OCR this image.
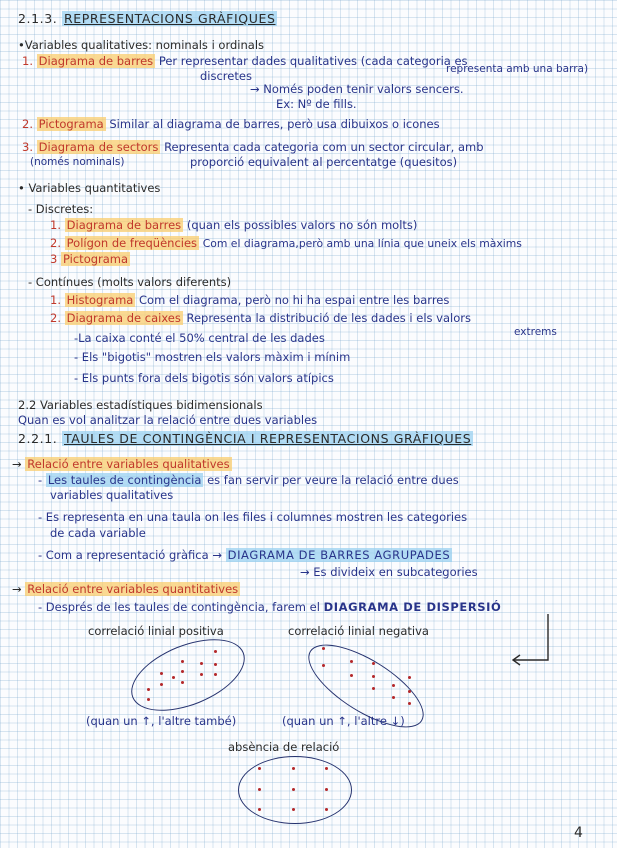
2.1.3. REPRESENTACIONS GRÀFIQUES
•Variables qualitatives: nominals i ordinals
1. Diagrama de barres Per representar dades qualitatives (cada categoria es
representa amb una barra)
discretes
→ Només poden tenir valors sencers.
Ex: Nº de fills.
2. Pictograma Similar al diagrama de barres, però usa dibuixos o icones
3. Diagrama de sectors Representa cada categoria com un sector circular, amb
(només nominals)	proporció equivalent al percentatge (quesitos)
• Variables quantitatives
- Discretes:
1. Diagrama de barres (quan els possibles valors no són molts)
2. Polígon de freqüències Com el diagrama,però amb una línia que uneix els màxims
3 Pictograma
- Contínues (molts valors diferents)
1. Histograma Com el diagrama, però no hi ha espai entre les barres
2. Diagrama de caixes Representa la distribució de les dades i els valors
extrems
-La caixa conté el 50% central de les dades
- Els "bigotis" mostren els valors màxim i mínim
- Els punts fora dels bigotis són valors atípics
2.2 Variables estadístiques bidimensionals
Quan es vol analitzar la relació entre dues variables
2.2.1. TAULES DE CONTINGÈNCIA I REPRESENTACIONS GRÀFIQUES
→ Relació entre variables qualitatives
- Les taules de contingència es fan servir per veure la relació entre dues
variables qualitatives
- Es representa en una taula on les files i columnes mostren les categories
de cada variable
- Com a representació gràfica → DIAGRAMA DE BARRES AGRUPADES
→ Es divideix en subcategories
→ Relació entre variables quantitatives
- Després de les taules de contingència, farem el DIAGRAMA DE DISPERSIÓ
correlació linial positiva	correlació linial negativa
(quan un ↑, l'altre també)	(quan un ↑, l'altre ↓)
absència de relació
4
